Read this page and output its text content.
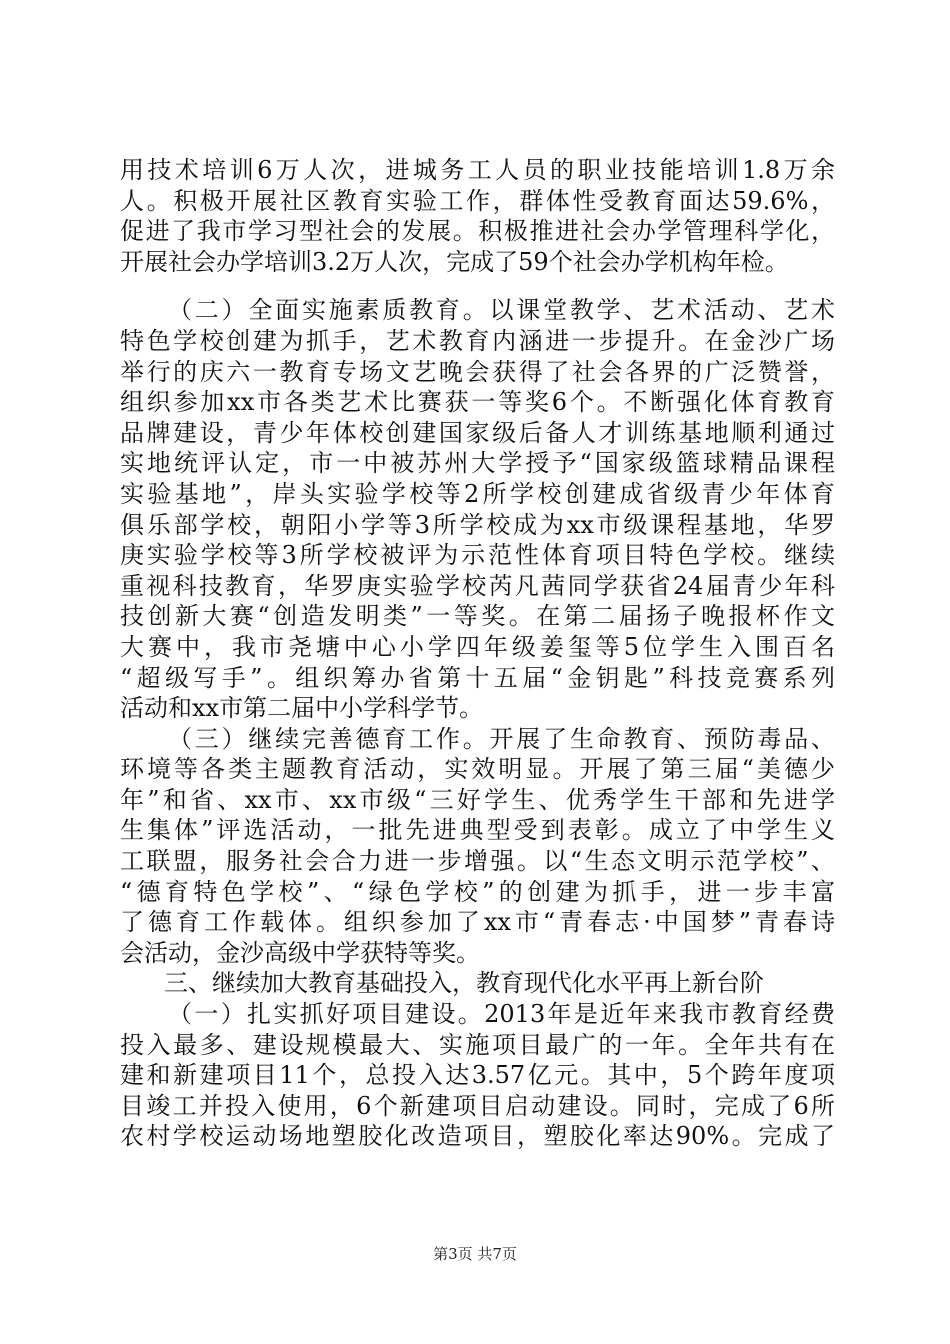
用技术培训6万人次，进城务工人员的职业技能培训1.8万余
人。积极开展社区教育实验工作，群体性受教育面达59.6%，
促进了我市学习型社会的发展。积极推进社会办学管理科学化，
开展社会办学培训3.2万人次，完成了59个社会办学机构年检。
（二）全面实施素质教育。以课堂教学、艺术活动、艺术
特色学校创建为抓手，艺术教育内涵进一步提升。在金沙广场
举行的庆六一教育专场文艺晚会获得了社会各界的广泛赞誉，
组织参加xx市各类艺术比赛获一等奖6个。不断强化体育教育
品牌建设，青少年体校创建国家级后备人才训练基地顺利通过
实地统评认定，市一中被苏州大学授予“国家级篮球精品课程
实验基地”，岸头实验学校等2所学校创建成省级青少年体育
俱乐部学校，朝阳小学等3所学校成为xx市级课程基地，华罗
庚实验学校等3所学校被评为示范性体育项目特色学校。继续
重视科技教育，华罗庚实验学校芮凡茜同学获省24届青少年科
技创新大赛“创造发明类”一等奖。在第二届扬子晚报杯作文
大赛中，我市尧塘中心小学四年级姜玺等5位学生入围百名
“超级写手”。组织筹办省第十五届“金钥匙”科技竞赛系列
活动和xx市第二届中小学科学节。
（三）继续完善德育工作。开展了生命教育、预防毒品、
环境等各类主题教育活动，实效明显。开展了第三届“美德少
年”和省、xx市、xx市级“三好学生、优秀学生干部和先进学
生集体”评选活动，一批先进典型受到表彰。成立了中学生义
工联盟，服务社会合力进一步增强。以“生态文明示范学校”、
“德育特色学校”、“绿色学校”的创建为抓手，进一步丰富
了德育工作载体。组织参加了xx市“青春志·中国梦”青春诗
会活动，金沙高级中学获特等奖。
三、继续加大教育基础投入，教育现代化水平再上新台阶
（一）扎实抓好项目建设。2013年是近年来我市教育经费
投入最多、建设规模最大、实施项目最广的一年。全年共有在
建和新建项目11个，总投入达3.57亿元。其中，5个跨年度项
目竣工并投入使用，6个新建项目启动建设。同时，完成了6所
农村学校运动场地塑胶化改造项目，塑胶化率达90%。完成了
第3页 共7页
